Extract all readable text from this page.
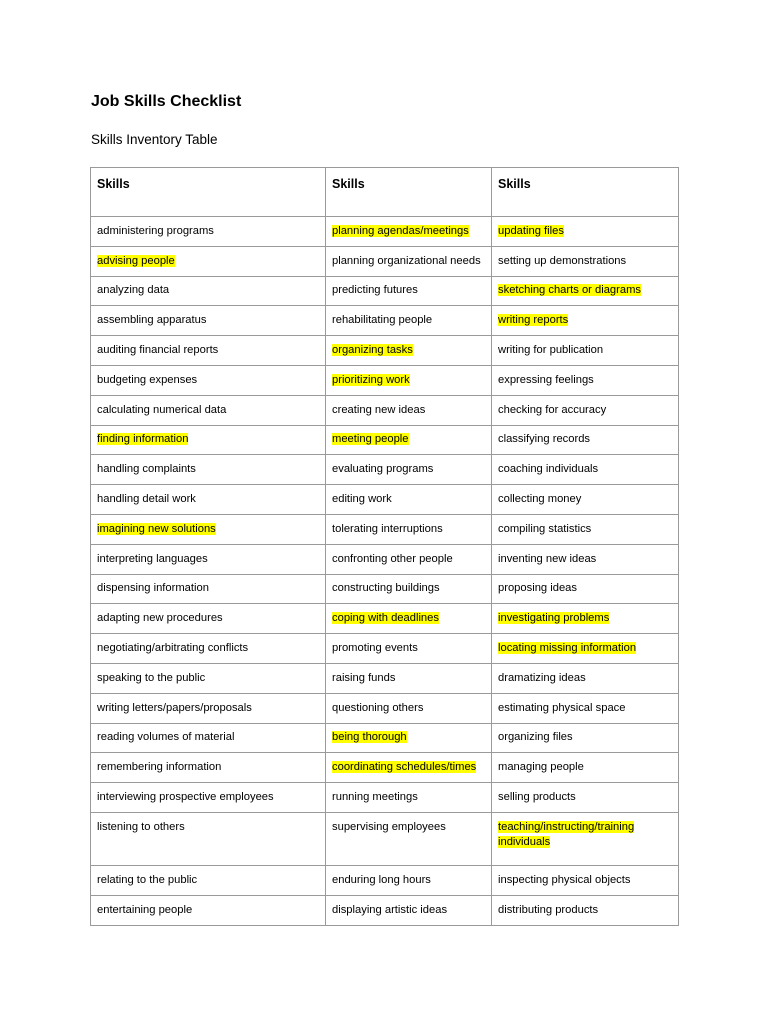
Job Skills Checklist

Skills Inventory Table

Skills	Skills	Skills
administering programs	planning agendas/meetings	updating files
advising people	planning organizational needs	setting up demonstrations
analyzing data	predicting futures	sketching charts or diagrams
assembling apparatus	rehabilitating people	writing reports
auditing financial reports	organizing tasks	writing for publication
budgeting expenses	prioritizing work	expressing feelings
calculating numerical data	creating new ideas	checking for accuracy
finding information	meeting people	classifying records
handling complaints	evaluating programs	coaching individuals
handling detail work	editing work	collecting money
imagining new solutions	tolerating interruptions	compiling statistics
interpreting languages	confronting other people	inventing new ideas
dispensing information	constructing buildings	proposing ideas
adapting new procedures	coping with deadlines	investigating problems
negotiating/arbitrating conflicts	promoting events	locating missing information
speaking to the public	raising funds	dramatizing ideas
writing letters/papers/proposals	questioning others	estimating physical space
reading volumes of material	being thorough	organizing files
remembering information	coordinating schedules/times	managing people
interviewing prospective employees	running meetings	selling products
listening to others	supervising employees	teaching/instructing/training individuals
relating to the public	enduring long hours	inspecting physical objects
entertaining people	displaying artistic ideas	distributing products
